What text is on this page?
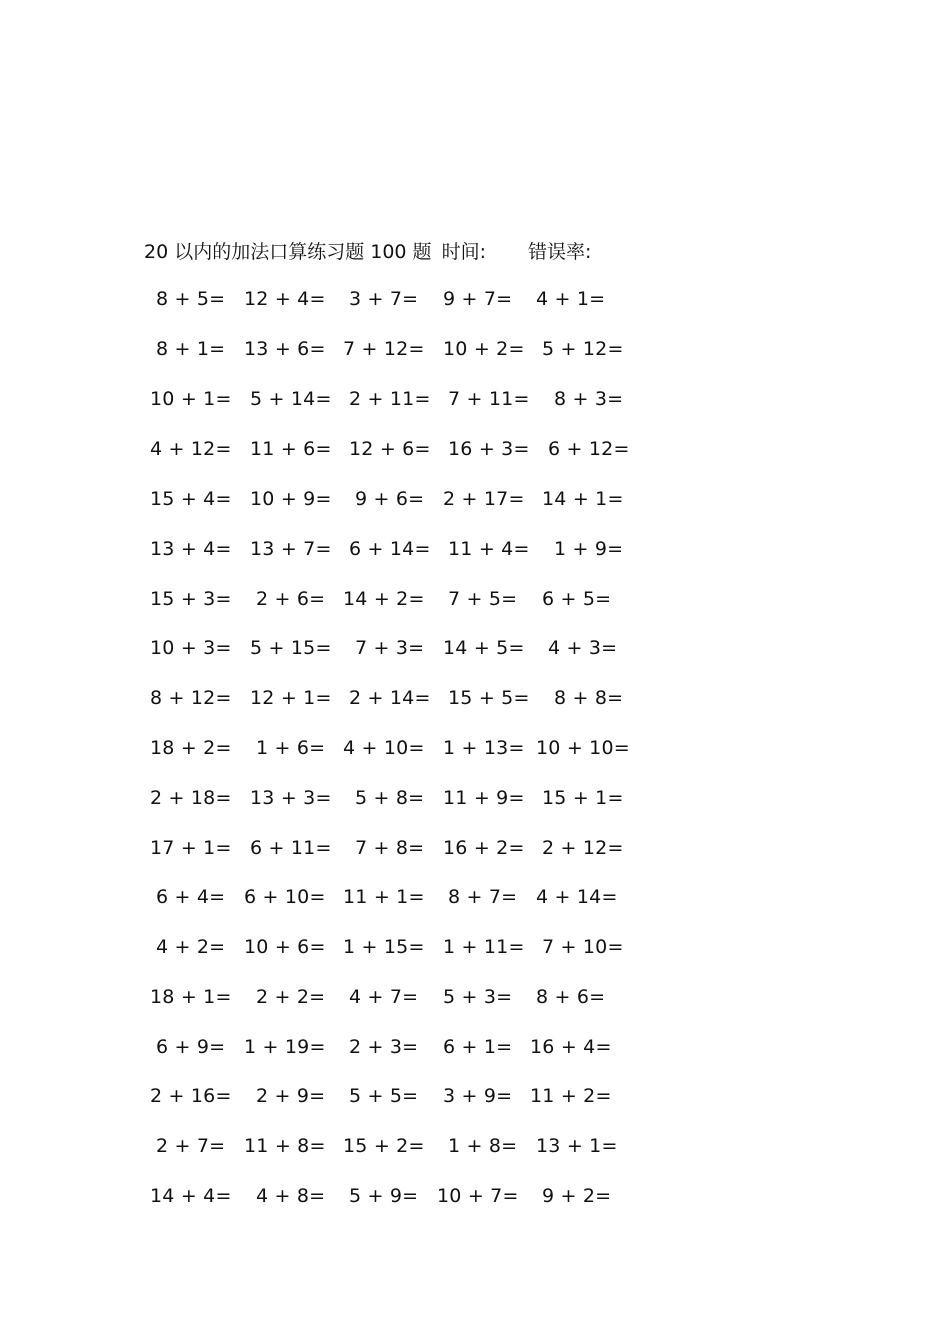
20 以内的加法口算练习题 100 题 时间: 错误率:
8 + 5= 12 + 4= 3 + 7= 9 + 7= 4 + 1=
8 + 1= 13 + 6= 7 + 12= 10 + 2= 5 + 12=
10 + 1= 5 + 14= 2 + 11= 7 + 11= 8 + 3=
4 + 12= 11 + 6= 12 + 6= 16 + 3= 6 + 12=
15 + 4= 10 + 9= 9 + 6= 2 + 17= 14 + 1=
13 + 4= 13 + 7= 6 + 14= 11 + 4= 1 + 9=
15 + 3= 2 + 6= 14 + 2= 7 + 5= 6 + 5=
10 + 3= 5 + 15= 7 + 3= 14 + 5= 4 + 3=
8 + 12= 12 + 1= 2 + 14= 15 + 5= 8 + 8=
18 + 2= 1 + 6= 4 + 10= 1 + 13= 10 + 10=
2 + 18= 13 + 3= 5 + 8= 11 + 9= 15 + 1=
17 + 1= 6 + 11= 7 + 8= 16 + 2= 2 + 12=
6 + 4= 6 + 10= 11 + 1= 8 + 7= 4 + 14=
4 + 2= 10 + 6= 1 + 15= 1 + 11= 7 + 10=
18 + 1= 2 + 2= 4 + 7= 5 + 3= 8 + 6=
6 + 9= 1 + 19= 2 + 3= 6 + 1= 16 + 4=
2 + 16= 2 + 9= 5 + 5= 3 + 9= 11 + 2=
2 + 7= 11 + 8= 15 + 2= 1 + 8= 13 + 1=
14 + 4= 4 + 8= 5 + 9= 10 + 7= 9 + 2=
